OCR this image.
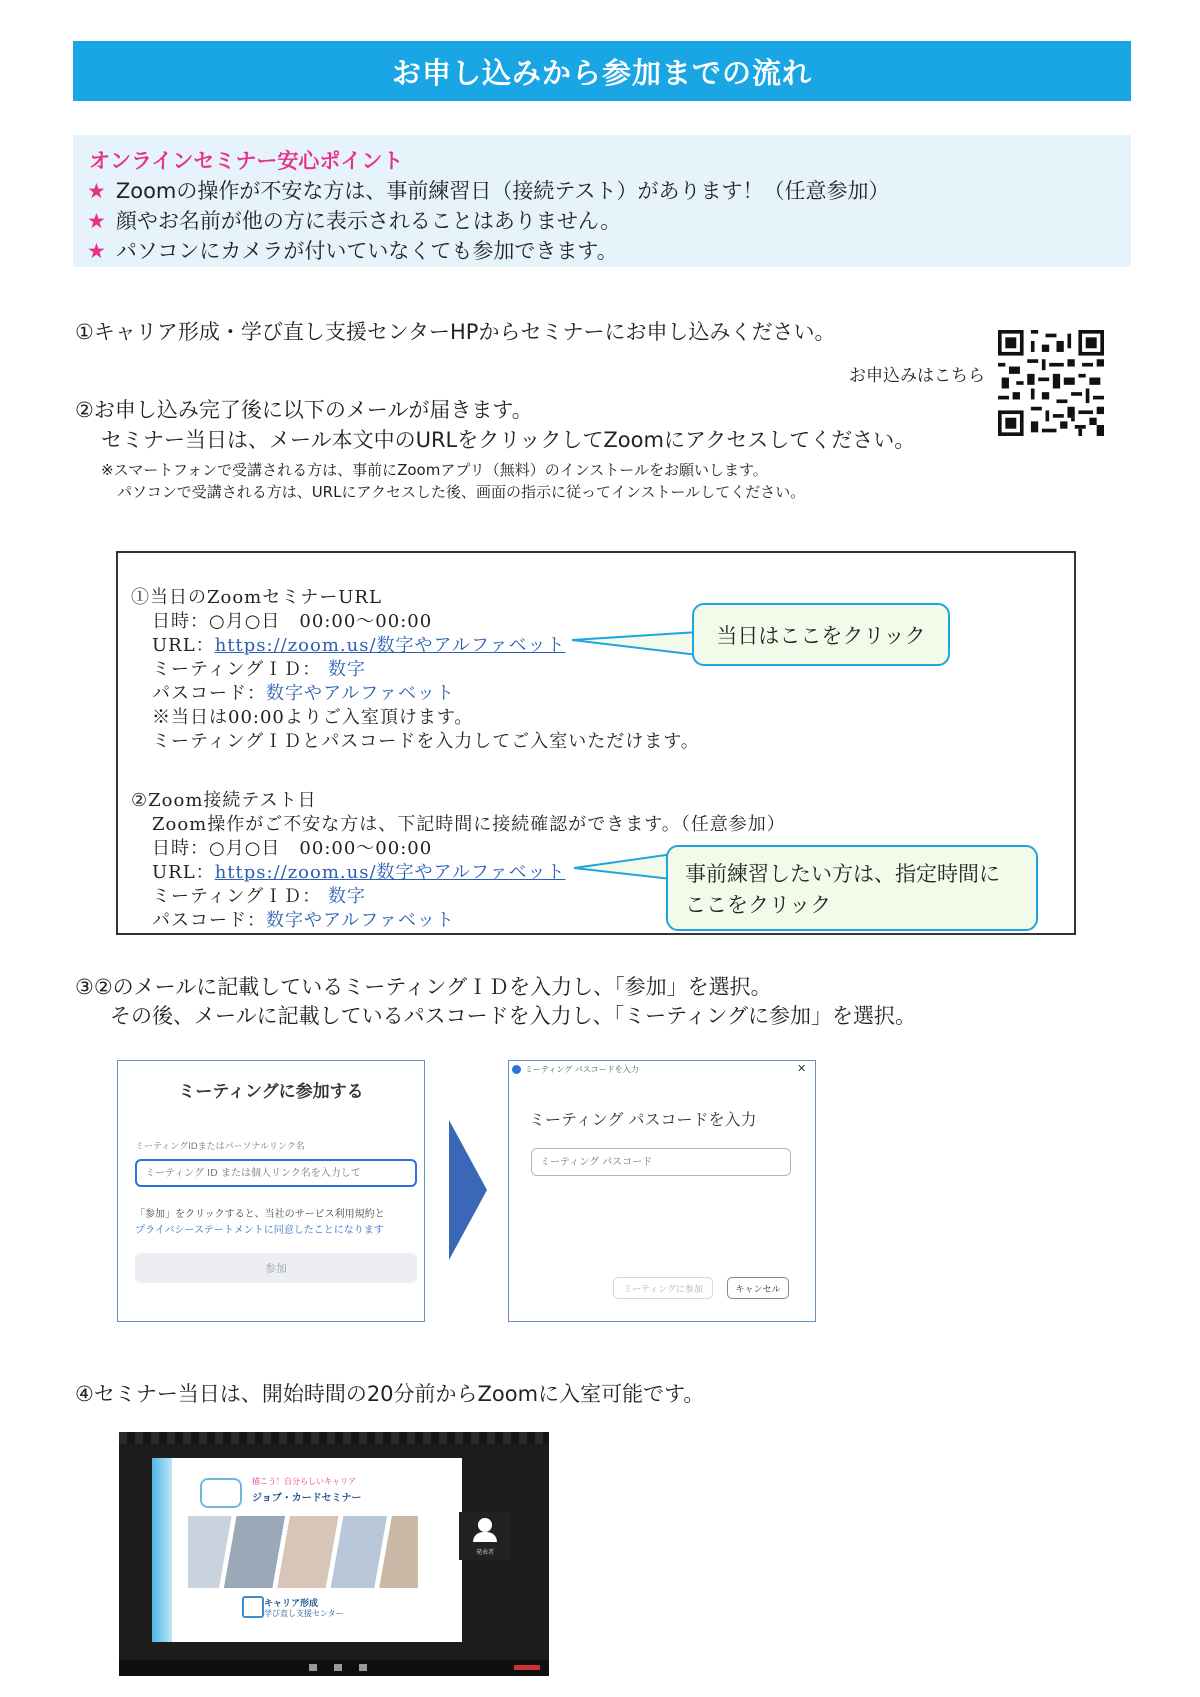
お申し込みから参加までの流れ
オンラインセミナー安心ポイント
★ Zoomの操作が不安な方は、事前練習日（接続テスト）があります！（任意参加）
★ 顔やお名前が他の方に表示されることはありません。
★ パソコンにカメラが付いていなくても参加できます。
①キャリア形成・学び直し支援センターHPからセミナーにお申し込みください。
お申込みはこちら
②お申し込み完了後に以下のメールが届きます。
セミナー当日は、メール本文中のURLをクリックしてZoomにアクセスしてください。
※スマートフォンで受講される方は、事前にZoomアプリ（無料）のインストールをお願いします。
パソコンで受講される方は、URLにアクセスした後、画面の指示に従ってインストールしてください。
①当日のZoomセミナーURL
日時：○月○日　00:00～00:00
URL：https://zoom.us/数字やアルファベット
ミーティングＩＤ： 数字
パスコード：数字やアルファベット
※当日は00:00よりご入室頂けます。
ミーティングＩＤとパスコードを入力してご入室いただけます。
②Zoom接続テスト日
Zoom操作がご不安な方は、下記時間に接続確認ができます。（任意参加）
日時：○月○日　00:00～00:00
URL：https://zoom.us/数字やアルファベット
ミーティングＩＤ： 数字
パスコード：数字やアルファベット
当日はここをクリック
事前練習したい方は、指定時間に
ここをクリック
③②のメールに記載しているミーティングＩＤを入力し、「参加」を選択。
その後、メールに記載しているパスコードを入力し、「ミーティングに参加」を選択。
ミーティングに参加する
ミーティングIDまたはパーソナルリンク名
ミーティング ID または個人リンク名を入力して
「参加」をクリックすると、当社のサービス利用規約と
プライバシーステートメントに同意したことになります
参加
ミーティング パスコードを入力	✕
ミーティング パスコードを入力
ミーティング パスコード
ミーティングに参加	キャンセル
④セミナー当日は、開始時間の20分前からZoomに入室可能です。
描こう！自分らしいキャリア
ジョブ・カードセミナー
キャリア形成
学び直し支援センター
発表者
